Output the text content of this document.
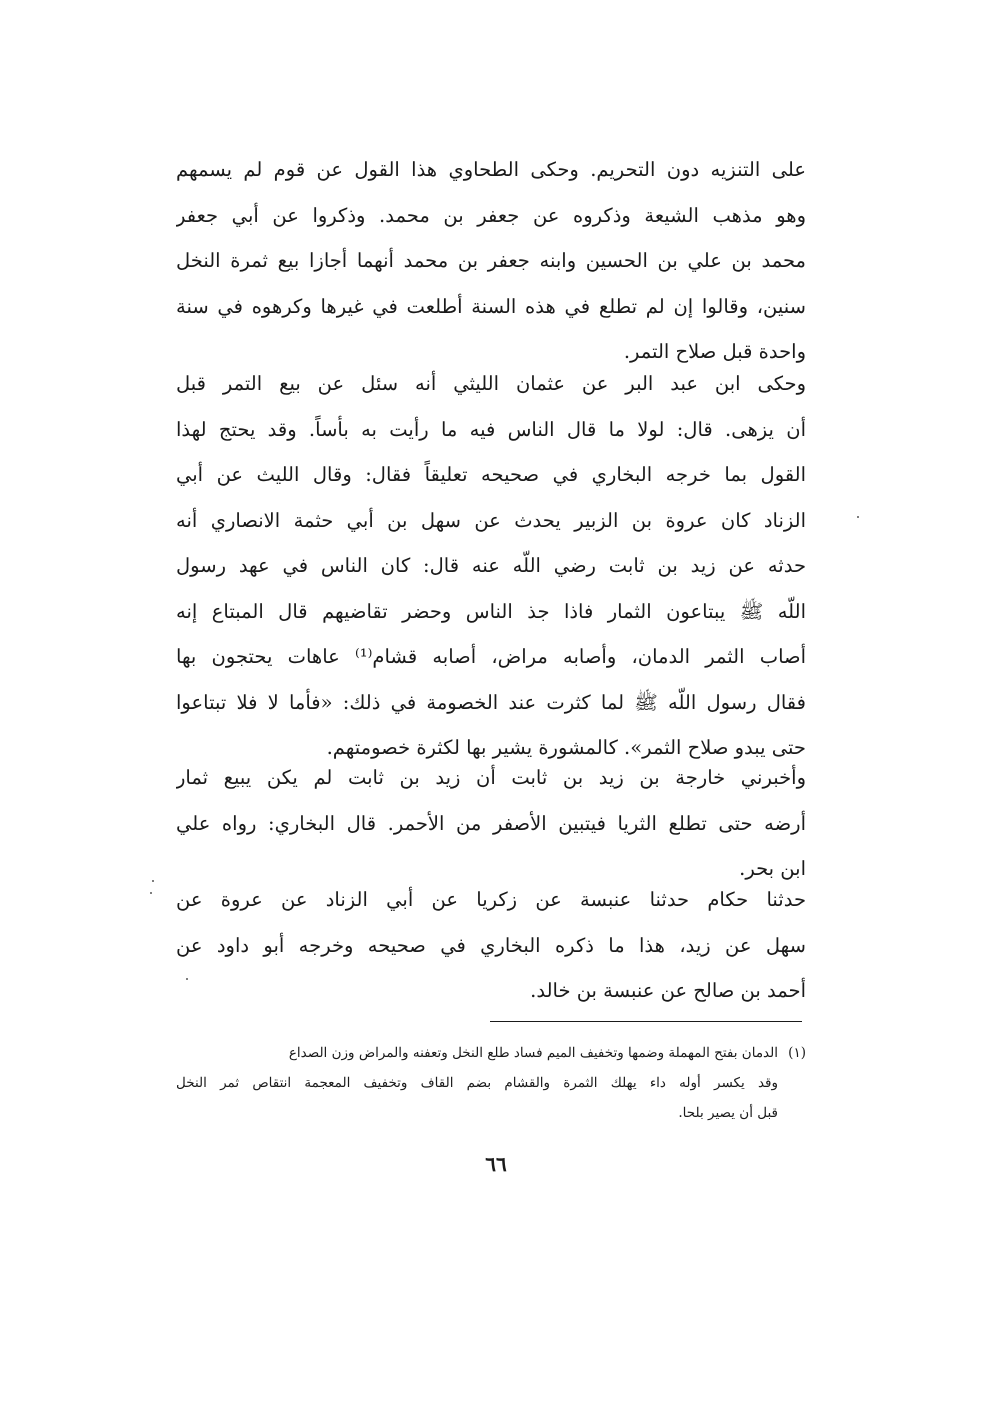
على التنزيه دون التحريم. وحكى الطحاوي هذا القول عن قوم لم يسمهم
وهو مذهب الشيعة وذكروه عن جعفر بن محمد. وذكروا عن أبي جعفر
محمد بن علي بن الحسين وابنه جعفر بن محمد أنهما أجازا بيع ثمرة النخل
سنين، وقالوا إن لم تطلع في هذه السنة أطلعت في غيرها وكرهوه في سنة
واحدة قبل صلاح التمر.
وحكى ابن عبد البر عن عثمان الليثي أنه سئل عن بيع التمر قبل
أن يزهى. قال: لولا ما قال الناس فيه ما رأيت به بأساً. وقد يحتج لهذا
القول بما خرجه البخاري في صحيحه تعليقاً فقال: وقال الليث عن أبي
الزناد كان عروة بن الزبير يحدث عن سهل بن أبي حثمة الانصاري أنه
حدثه عن زيد بن ثابت رضي اللّه عنه قال: كان الناس في عهد رسول
اللّه ﷺ يبتاعون الثمار فاذا جذ الناس وحضر تقاضيهم قال المبتاع إنه
أصاب الثمر الدمان، وأصابه مراض، أصابه قشام⁽¹⁾ عاهات يحتجون بها
فقال رسول اللّه ﷺ لما كثرت عند الخصومة في ذلك: «فأما لا فلا تبتاعوا
حتى يبدو صلاح الثمر». كالمشورة يشير بها لكثرة خصومتهم.
وأخبرني خارجة بن زيد بن ثابت أن زيد بن ثابت لم يكن يبيع ثمار
أرضه حتى تطلع الثريا فيتبين الأصفر من الأحمر. قال البخاري: رواه علي
ابن بحر.
حدثنا حكام حدثنا عنبسة عن زكريا عن أبي الزناد عن عروة عن
سهل عن زيد، هذا ما ذكره البخاري في صحيحه وخرجه أبو داود عن
أحمد بن صالح عن عنبسة بن خالد.
(١)الدمان بفتح المهملة وضمها وتخفيف الميم فساد طلع النخل وتعفنه والمراض وزن الصداع
وقد يكسر أوله داء يهلك الثمرة والقشام بضم القاف وتخفيف المعجمة انتقاص ثمر النخل
قبل أن يصير بلحا.
٦٦
